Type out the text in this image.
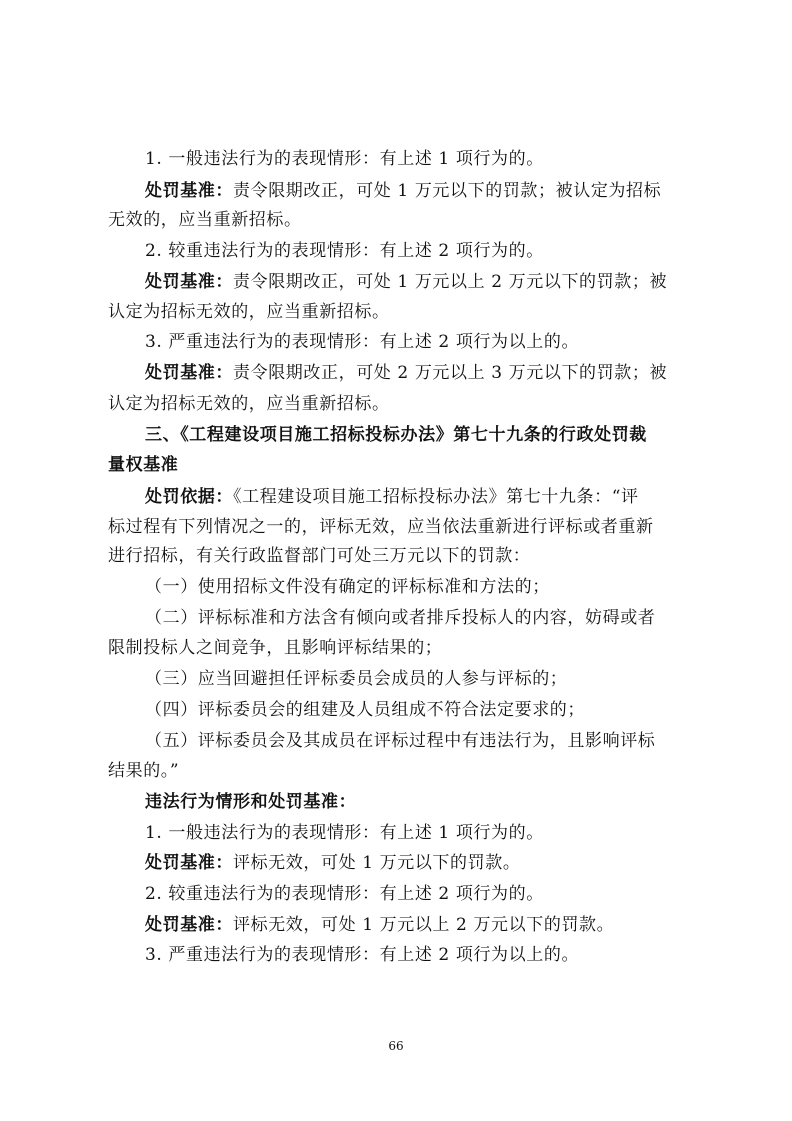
1. 一般违法行为的表现情形：有上述 1 项行为的。
处罚基准：责令限期改正，可处 1 万元以下的罚款；被认定为招标
无效的，应当重新招标。
2. 较重违法行为的表现情形：有上述 2 项行为的。
处罚基准：责令限期改正，可处 1 万元以上 2 万元以下的罚款；被
认定为招标无效的，应当重新招标。
3. 严重违法行为的表现情形：有上述 2 项行为以上的。
处罚基准：责令限期改正，可处 2 万元以上 3 万元以下的罚款；被
认定为招标无效的，应当重新招标。
三、《工程建设项目施工招标投标办法》第七十九条的行政处罚裁
量权基准
处罚依据：《工程建设项目施工招标投标办法》第七十九条：“评
标过程有下列情况之一的，评标无效，应当依法重新进行评标或者重新
进行招标，有关行政监督部门可处三万元以下的罚款：
（一）使用招标文件没有确定的评标标准和方法的；
（二）评标标准和方法含有倾向或者排斥投标人的内容，妨碍或者
限制投标人之间竞争，且影响评标结果的；
（三）应当回避担任评标委员会成员的人参与评标的；
（四）评标委员会的组建及人员组成不符合法定要求的；
（五）评标委员会及其成员在评标过程中有违法行为，且影响评标
结果的。”
违法行为情形和处罚基准：
1. 一般违法行为的表现情形：有上述 1 项行为的。
处罚基准：评标无效，可处 1 万元以下的罚款。
2. 较重违法行为的表现情形：有上述 2 项行为的。
处罚基准：评标无效，可处 1 万元以上 2 万元以下的罚款。
3. 严重违法行为的表现情形：有上述 2 项行为以上的。
66
